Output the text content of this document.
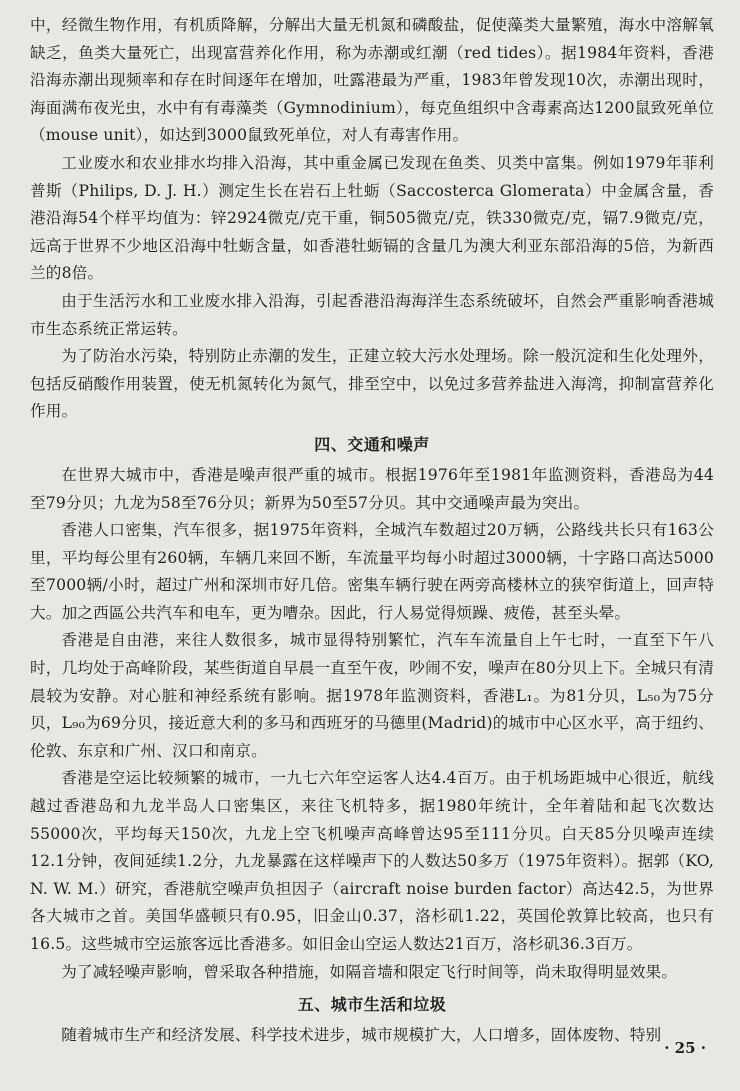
中，经微生物作用，有机质降解，分解出大量无机氮和磷酸盐，促使藻类大量繁殖，海水中溶解氧缺乏，鱼类大量死亡，出现富营养化作用，称为赤潮或红潮（red tides）。据1984年资料，香港沿海赤潮出现频率和存在时间逐年在增加，吐露港最为严重，1983年曾发现10次，赤潮出现时，海面满布夜光虫，水中有有毒藻类（Gymnodinium），每克鱼组织中含毒素高达1200鼠致死单位（mouse unit），如达到3000鼠致死单位，对人有毒害作用。

工业废水和农业排水均排入沿海，其中重金属已发现在鱼类、贝类中富集。例如1979年菲利普斯（Philips, D. J. H.）测定生长在岩石上牡蛎（Saccosterca Glomerata）中金属含量，香港沿海54个样平均值为：锌2924微克/克干重，铜505微克/克，铁330微克/克，镉7.9微克/克，远高于世界不少地区沿海中牡蛎含量，如香港牡蛎镉的含量几为澳大利亚东部沿海的5倍，为新西兰的8倍。

由于生活污水和工业废水排入沿海，引起香港沿海海洋生态系统破坏，自然会严重影响香港城市生态系统正常运转。

为了防治水污染，特别防止赤潮的发生，正建立较大污水处理场。除一般沉淀和生化处理外，包括反硝酸作用装置，使无机氮转化为氮气，排至空中，以免过多营养盐进入海湾，抑制富营养化作用。

四、交通和噪声

在世界大城市中，香港是噪声很严重的城市。根据1976年至1981年监测资料，香港岛为44至79分贝；九龙为58至76分贝；新界为50至57分贝。其中交通噪声最为突出。

香港人口密集，汽车很多，据1975年资料，全城汽车数超过20万辆，公路线共长只有163公里，平均每公里有260辆，车辆几来回不断，车流量平均每小时超过3000辆，十字路口高达5000至7000辆/小时，超过广州和深圳市好几倍。密集车辆行驶在两旁高楼林立的狭窄街道上，回声特大。加之西區公共汽车和电车，更为嘈杂。因此，行人易觉得烦躁、疲倦，甚至头晕。

香港是自由港，来往人数很多，城市显得特别繁忙，汽车车流量自上午七时，一直至下午八时，几均处于高峰阶段，某些街道自早晨一直至午夜，吵闹不安，噪声在80分贝上下。全城只有清晨较为安静。对心脏和神经系统有影响。据1978年监测资料，香港L₁。为81分贝，L₅₀为75分贝，L₉₀为69分贝，接近意大利的多马和西班牙的马德里(Madrid)的城市中心区水平，高于纽约、伦敦、东京和广州、汉口和南京。

香港是空运比较频繁的城市，一九七六年空运客人达4.4百万。由于机场距城中心很近，航线越过香港岛和九龙半岛人口密集区，来往飞机特多，据1980年统计，全年着陆和起飞次数达55000次，平均每天150次，九龙上空飞机噪声高峰曾达95至111分贝。白天85分贝噪声连续12.1分钟，夜间延续1.2分，九龙暴露在这样噪声下的人数达50多万（1975年资料）。据郭（KO, N. W. M.）研究，香港航空噪声负担因子（aircraft noise burden factor）高达42.5，为世界各大城市之首。美国华盛顿只有0.95，旧金山0.37，洛杉矶1.22，英国伦敦算比较高，也只有16.5。这些城市空运旅客远比香港多。如旧金山空运人数达21百万，洛杉矶36.3百万。

为了减轻噪声影响，曾采取各种措施，如隔音墙和限定飞行时间等，尚未取得明显效果。

五、城市生活和垃圾

随着城市生产和经济发展、科学技术进步，城市规模扩大，人口增多，固体废物、特别

· 25 ·
